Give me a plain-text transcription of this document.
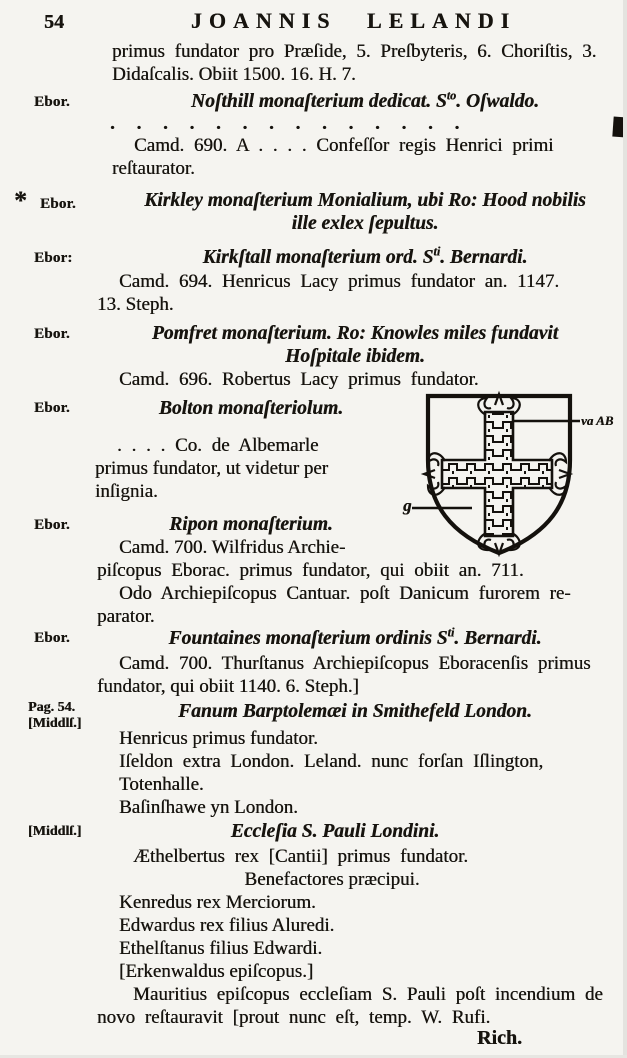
54	JOANNIS LELANDI
primus fundator pro Præſide, 5. Preſbyteris, 6. Choriſtis, 3.
Didaſcalis. Obiit 1500. 16. H. 7.
Ebor.	Noſthill monaſterium dedicat. $S^{to}$. Oſwaldo.
. . . . . . . . . . . . . .
Camd. 690. A . . . . Confeſſor regis Henrici primi
reſtaurator.
* Ebor.	Kirkley monaſterium Monialium, ubi Ro: Hood nobilis
ille exlex ſepultus.
Ebor:	Kirkſtall monaſterium ord. $S^{ti}$. Bernardi.
Camd. 694. Henricus Lacy primus fundator an. 1147.
13. Steph.
Ebor.	Pomfret monaſterium. Ro: Knowles miles fundavit
Hoſpitale ibidem.
Camd. 696. Robertus Lacy primus fundator.
Ebor.	Bolton monaſteriolum.
. . . . Co. de Albemarle
primus fundator, ut videtur per
inſignia.
va AB
g
Ebor.	Ripon monaſterium.
Camd. 700. Wilfridus Archie-
piſcopus Eborac. primus fundator, qui obiit an. 711.
Odo Archiepiſcopus Cantuar. poſt Danicum furorem re-
parator.
Ebor.	Fountaines monaſterium ordinis $S^{ti}$. Bernardi.
Camd. 700. Thurſtanus Archiepiſcopus Eboracenſis primus
fundator, qui obiit 1140. 6. Steph.]
Pag. 54.
[Middlſ.]
Fanum Barptolemæi in Smithefeld London.
Henricus primus fundator.
Iſeldon extra London. Leland. nunc forſan Iſlington,
Totenhalle.
Baſinſhawe yn London.
[Middlſ.]	Eccleſia S. Pauli Londini.
Æthelbertus rex [Cantii] primus fundator.
Benefactores præcipui.
Kenredus rex Merciorum.
Edwardus rex filius Aluredi.
Ethelſtanus filius Edwardi.
[Erkenwaldus epiſcopus.]
Mauritius epiſcopus eccleſiam S. Pauli poſt incendium de
novo reſtauravit [prout nunc eſt, temp. W. Rufi.
Rich.
